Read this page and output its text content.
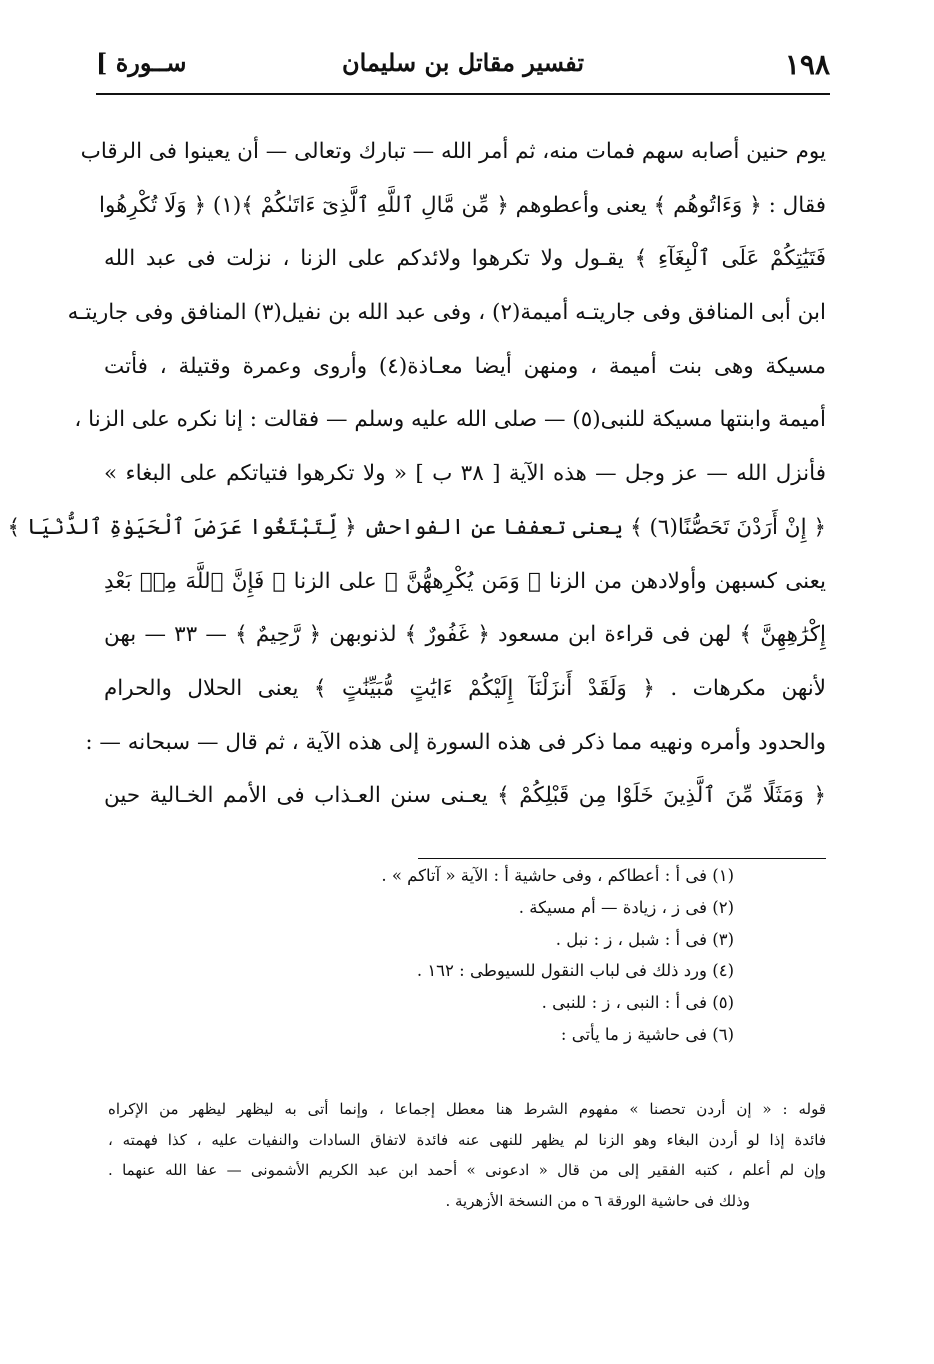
١٩٨
تفسير مقاتل بن سليمان
[ ســورة
يوم حنين أصابه سهم فمات منه، ثم أمر الله — تبارك وتعالى — أن يعينوا فى الرقاب
فقال : ﴿ وَءَاتُوهُم ﴾ يعنى وأعطوهم ﴿ مِّن مَّالِ ٱللَّهِ ٱلَّذِىٓ ءَاتَىٰكُمْ ﴾(١) ﴿ وَلَا تُكْرِهُوا
فَتَيَٰتِكُمْ عَلَى ٱلْبِغَآءِ ﴾ يقـول ولا تكرهوا ولائدكم على الزنا ، نزلت فى عبد الله
ابن أبى المنافق وفى جاريتـه أميمة(٢) ، وفى عبد الله بن نفيل(٣) المنافق وفى جاريتـه
مسيكة وهى بنت أميمة ، ومنهن أيضا معـاذة(٤) وأروى وعمرة وقتيلة ، فأتت
أميمة وابنتها مسيكة للنبى(٥) — صلى الله عليه وسلم — فقالت : إنا نكره على الزنا ،
فأنزل الله — عز وجل — هذه الآية [ ٣٨ ب ] « ولا تكرهوا فتياتكم على البغاء »
﴿ إِنْ أَرَدْنَ تَحَصُّنًا(٦) ﴾ يعنى تعففا عن الفواحش ﴿ لِّتَبْتَغُوا عَرَضَ ٱلْحَيَوٰةِ ٱلدُّنْيَا ﴾
يعنى كسبهن وأولادهن من الزنا ﴿ وَمَن يُكْرِههُّنَّ ﴾ على الزنا ﴿ فَإِنَّ ٱللَّهَ مِنۢ بَعْدِ
إِكْرَٰهِهِنَّ ﴾ لهن فى قراءة ابن مسعود ﴿ غَفُورٌ ﴾ لذنوبهن ﴿ رَّحِيمٌ ﴾ — ٣٣ — بهن
لأنهن مكرهات . ﴿ وَلَقَدْ أَنزَلْنَآ إِلَيْكُمْ ءَايَٰتٍ مُّبَيِّنَٰتٍ ﴾ يعنى الحلال والحرام
والحدود وأمره ونهيه مما ذكر فى هذه السورة إلى هذه الآية ، ثم قال — سبحانه — :
﴿ وَمَثَلًا مِّنَ ٱلَّذِينَ خَلَوْا مِن قَبْلِكُمْ ﴾ يعـنى سنن العـذاب فى الأمم الخـالية حين
(١) فى أ : أعطاكم ، وفى حاشية أ : الآية « آتاكم » .
(٢) فى ز ، زيادة — أم مسيكة .
(٣) فى أ : شبل ، ز : نبل .
(٤) ورد ذلك فى لباب النقول للسيوطى : ١٦٢ .
(٥) فى أ : النبى ، ز : للنبى .
(٦) فى حاشية ز ما يأتى :
قوله : « إن أردن تحصنا » مفهوم الشرط هنا معطل إجماعا ، وإنما أتى به ليظهر ليظهر من الإكراه
فائدة إذا لو أردن البغاء وهو الزنا لم يظهر للنهى عنه فائدة لاتفاق السادات والنفيات عليه ، كذا فهمته ،
وإن لم أعلم ، كتبه الفقير إلى من قال « ادعونى » أحمد ابن عبد الكريم الأشمونى — عفا الله عنهما .
وذلك فى حاشية الورقة ٦ ه من النسخة الأزهرية .
